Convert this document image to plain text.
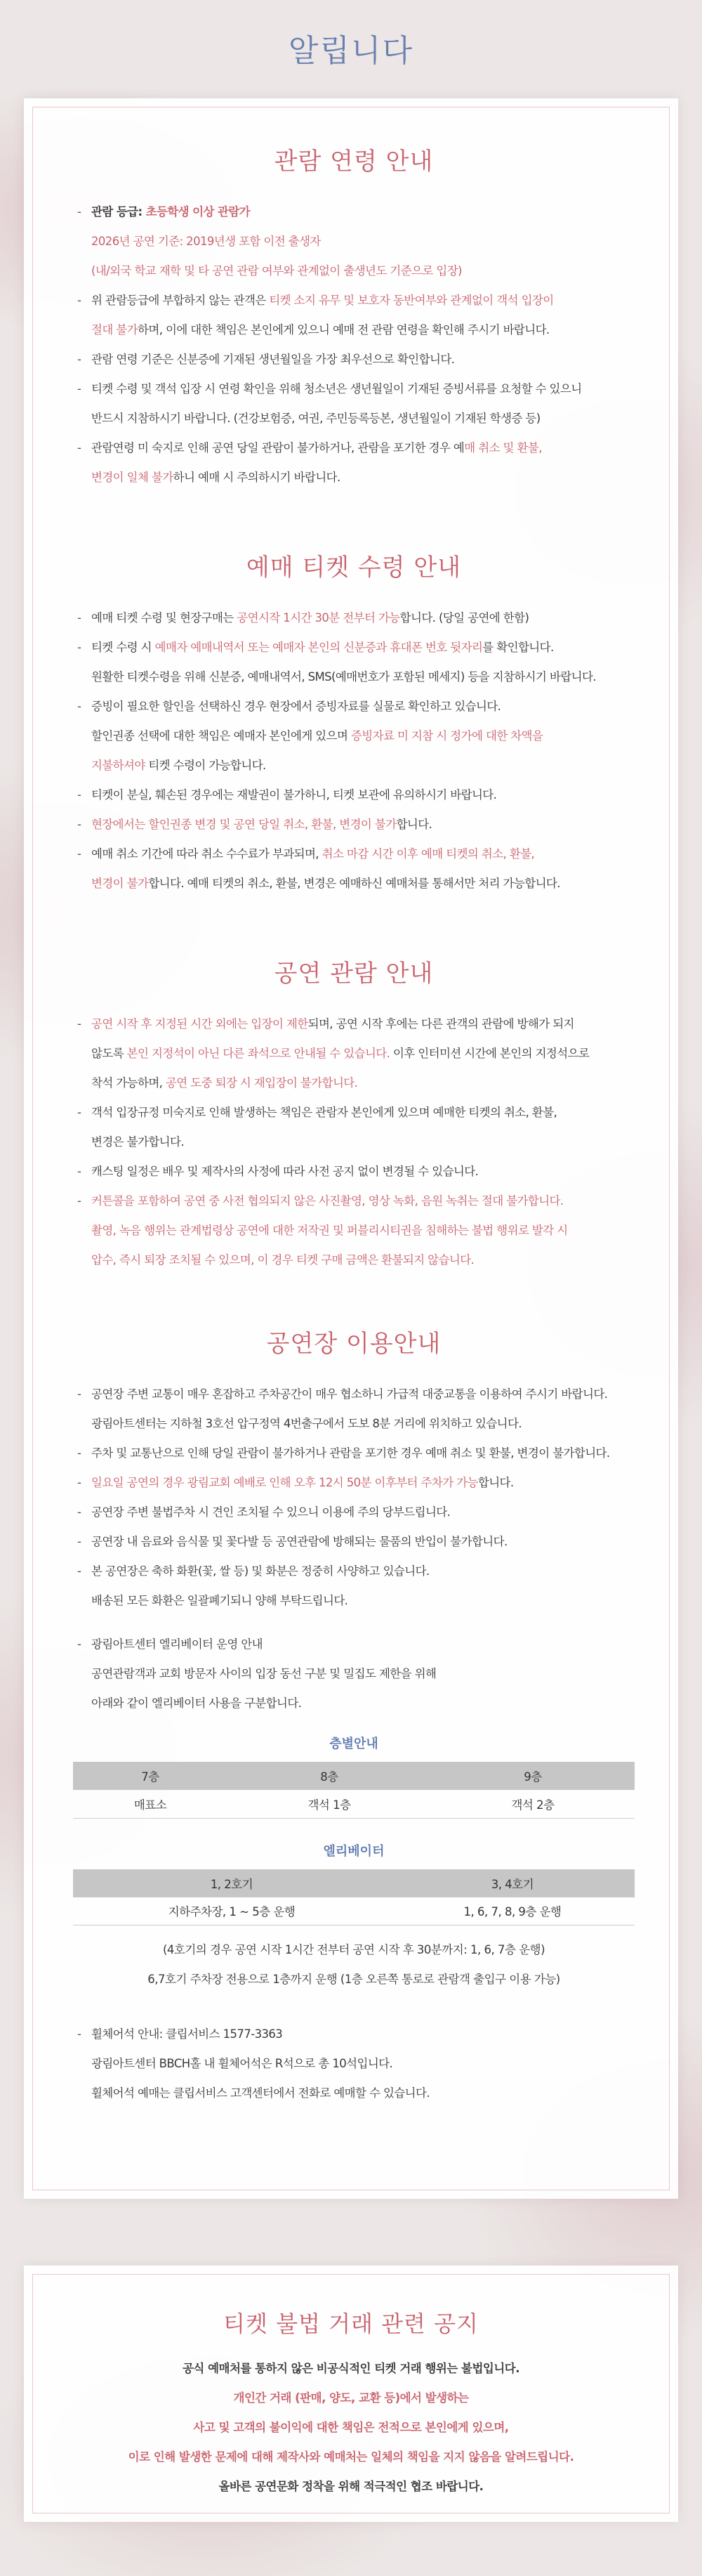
알립니다
관람 연령 안내
- 관람 등급: 초등학생 이상 관람가
2026년 공연 기준: 2019년생 포함 이전 출생자
(내/외국 학교 재학 및 타 공연 관람 여부와 관계없이 출생년도 기준으로 입장)
- 위 관람등급에 부합하지 않는 관객은 티켓 소지 유무 및 보호자 동반여부와 관계없이 객석 입장이
절대 불가하며, 이에 대한 책임은 본인에게 있으니 예매 전 관람 연령을 확인해 주시기 바랍니다.
- 관람 연령 기준은 신분증에 기재된 생년월일을 가장 최우선으로 확인합니다.
- 티켓 수령 및 객석 입장 시 연령 확인을 위해 청소년은 생년월일이 기재된 증빙서류를 요청할 수 있으니
반드시 지참하시기 바랍니다. (건강보험증, 여권, 주민등록등본, 생년월일이 기재된 학생증 등)
- 관람연령 미 숙지로 인해 공연 당일 관람이 불가하거나, 관람을 포기한 경우 예매 취소 및 환불,
변경이 일체 불가하니 예매 시 주의하시기 바랍니다.
예매 티켓 수령 안내
- 예매 티켓 수령 및 현장구매는 공연시작 1시간 30분 전부터 가능합니다. (당일 공연에 한함)
- 티켓 수령 시 예매자 예매내역서 또는 예매자 본인의 신분증과 휴대폰 번호 뒷자리를 확인합니다.
원활한 티켓수령을 위해 신분증, 예매내역서, SMS(예매번호가 포함된 메세지) 등을 지참하시기 바랍니다.
- 증빙이 필요한 할인을 선택하신 경우 현장에서 증빙자료를 실물로 확인하고 있습니다.
할인권종 선택에 대한 책임은 예매자 본인에게 있으며 증빙자료 미 지참 시 정가에 대한 차액을
지불하셔야 티켓 수령이 가능합니다.
- 티켓이 분실, 훼손된 경우에는 재발권이 불가하니, 티켓 보관에 유의하시기 바랍니다.
- 현장에서는 할인권종 변경 및 공연 당일 취소, 환불, 변경이 불가합니다.
- 예매 취소 기간에 따라 취소 수수료가 부과되며, 취소 마감 시간 이후 예매 티켓의 취소, 환불,
변경이 불가합니다. 예매 티켓의 취소, 환불, 변경은 예매하신 예매처를 통해서만 처리 가능합니다.
공연 관람 안내
- 공연 시작 후 지정된 시간 외에는 입장이 제한되며, 공연 시작 후에는 다른 관객의 관람에 방해가 되지
않도록 본인 지정석이 아닌 다른 좌석으로 안내될 수 있습니다. 이후 인터미션 시간에 본인의 지정석으로
착석 가능하며, 공연 도중 퇴장 시 재입장이 불가합니다.
- 객석 입장규정 미숙지로 인해 발생하는 책임은 관람자 본인에게 있으며 예매한 티켓의 취소, 환불,
변경은 불가합니다.
- 캐스팅 일정은 배우 및 제작사의 사정에 따라 사전 공지 없이 변경될 수 있습니다.
- 커튼콜을 포함하여 공연 중 사전 협의되지 않은 사진촬영, 영상 녹화, 음원 녹취는 절대 불가합니다.
촬영, 녹음 행위는 관계법령상 공연에 대한 저작권 및 퍼블리시티권을 침해하는 불법 행위로 발각 시
압수, 즉시 퇴장 조치될 수 있으며, 이 경우 티켓 구매 금액은 환불되지 않습니다.
공연장 이용안내
- 공연장 주변 교통이 매우 혼잡하고 주차공간이 매우 협소하니 가급적 대중교통을 이용하여 주시기 바랍니다.
광림아트센터는 지하철 3호선 압구정역 4번출구에서 도보 8분 거리에 위치하고 있습니다.
- 주차 및 교통난으로 인해 당일 관람이 불가하거나 관람을 포기한 경우 예매 취소 및 환불, 변경이 불가합니다.
- 일요일 공연의 경우 광림교회 예배로 인해 오후 12시 50분 이후부터 주차가 가능합니다.
- 공연장 주변 불법주차 시 견인 조치될 수 있으니 이용에 주의 당부드립니다.
- 공연장 내 음료와 음식물 및 꽃다발 등 공연관람에 방해되는 물품의 반입이 불가합니다.
- 본 공연장은 축하 화환(꽃, 쌀 등) 및 화분은 정중히 사양하고 있습니다.
배송된 모든 화환은 일괄폐기되니 양해 부탁드립니다.
- 광림아트센터 엘리베이터 운영 안내
공연관람객과 교회 방문자 사이의 입장 동선 구분 및 밀집도 제한을 위해
아래와 같이 엘리베이터 사용을 구분합니다.
층별안내
7층	8층	9층
매표소	객석 1층	객석 2층
엘리베이터
1, 2호기	3, 4호기
지하주차장, 1 ~ 5층 운행	1, 6, 7, 8, 9층 운행
(4호기의 경우 공연 시작 1시간 전부터 공연 시작 후 30분까지: 1, 6, 7층 운행)
6,7호기 주차장 전용으로 1층까지 운행 (1층 오른쪽 통로로 관람객 출입구 이용 가능)
- 휠체어석 안내: 클립서비스 1577-3363
광림아트센터 BBCH홀 내 휠체어석은 R석으로 총 10석입니다.
휠체어석 예매는 클립서비스 고객센터에서 전화로 예매할 수 있습니다.
티켓 불법 거래 관련 공지
공식 예매처를 통하지 않은 비공식적인 티켓 거래 행위는 불법입니다.
개인간 거래 (판매, 양도, 교환 등)에서 발생하는
사고 및 고객의 불이익에 대한 책임은 전적으로 본인에게 있으며,
이로 인해 발생한 문제에 대해 제작사와 예매처는 일체의 책임을 지지 않음을 알려드립니다.
올바른 공연문화 정착을 위해 적극적인 협조 바랍니다.
